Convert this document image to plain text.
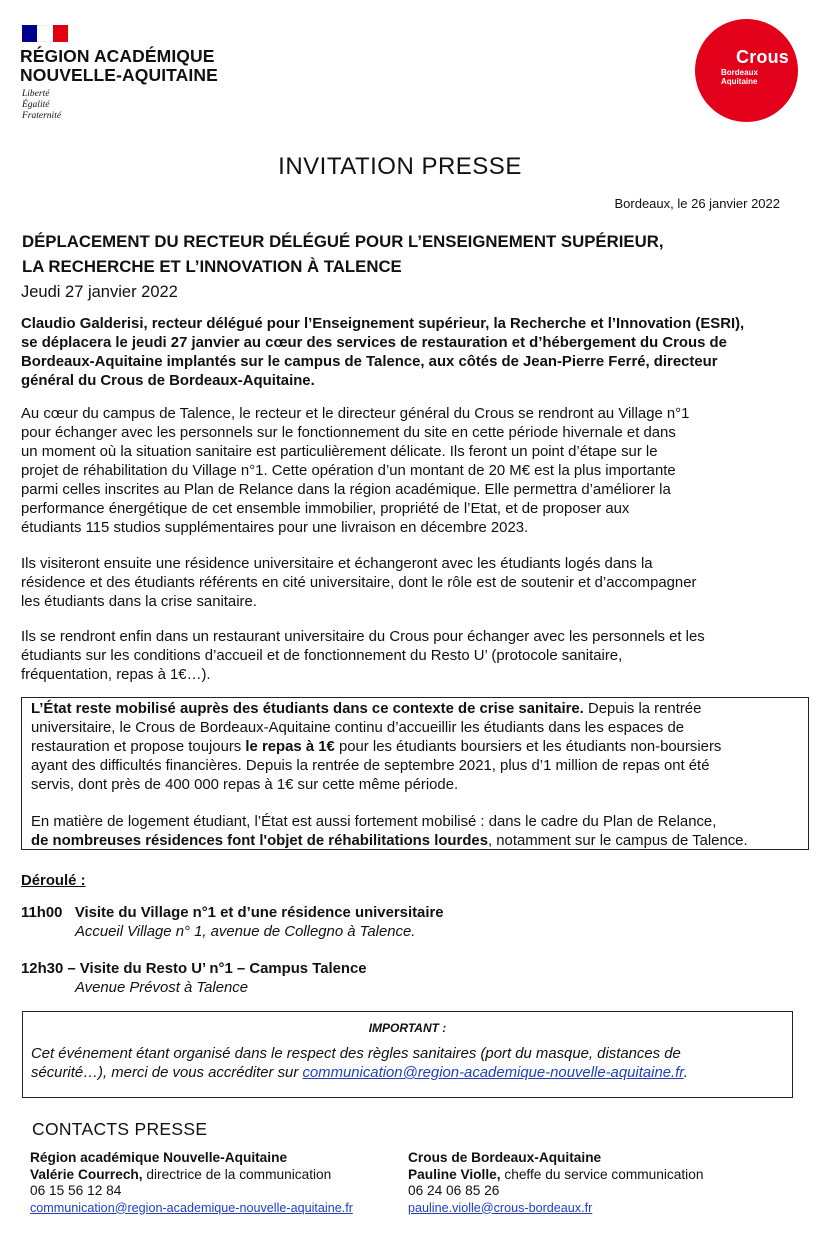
RÉGION ACADÉMIQUE
NOUVELLE-AQUITAINE
Liberté
Égalité
Fraternité
Crous
Bordeaux
Aquitaine
INVITATION PRESSE
Bordeaux, le 26 janvier 2022
DÉPLACEMENT DU RECTEUR DÉLÉGUÉ POUR L’ENSEIGNEMENT SUPÉRIEUR,
LA RECHERCHE ET L’INNOVATION À TALENCE
Jeudi 27 janvier 2022
Claudio Galderisi, recteur délégué pour l’Enseignement supérieur, la Recherche et l’Innovation (ESRI),
se déplacera le jeudi 27 janvier au cœur des services de restauration et d’hébergement du Crous de
Bordeaux-Aquitaine implantés sur le campus de Talence, aux côtés de Jean-Pierre Ferré, directeur
général du Crous de Bordeaux-Aquitaine.
Au cœur du campus de Talence, le recteur et le directeur général du Crous se rendront au Village n°1
pour échanger avec les personnels sur le fonctionnement du site en cette période hivernale et dans
un moment où la situation sanitaire est particulièrement délicate. Ils feront un point d’étape sur le
projet de réhabilitation du Village n°1. Cette opération d’un montant de 20 M€ est la plus importante
parmi celles inscrites au Plan de Relance dans la région académique. Elle permettra d’améliorer la
performance énergétique de cet ensemble immobilier, propriété de l’Etat, et de proposer aux
étudiants 115 studios supplémentaires pour une livraison en décembre 2023.
Ils visiteront ensuite une résidence universitaire et échangeront avec les étudiants logés dans la
résidence et des étudiants référents en cité universitaire, dont le rôle est de soutenir et d’accompagner
les étudiants dans la crise sanitaire.
Ils se rendront enfin dans un restaurant universitaire du Crous pour échanger avec les personnels et les
étudiants sur les conditions d’accueil et de fonctionnement du Resto U’ (protocole sanitaire,
fréquentation, repas à 1€…).
L’État reste mobilisé auprès des étudiants dans ce contexte de crise sanitaire. Depuis la rentrée
universitaire, le Crous de Bordeaux-Aquitaine continu d’accueillir les étudiants dans les espaces de
restauration et propose toujours le repas à 1€ pour les étudiants boursiers et les étudiants non-boursiers
ayant des difficultés financières. Depuis la rentrée de septembre 2021, plus d’1 million de repas ont été
servis, dont près de 400 000 repas à 1€ sur cette même période.
En matière de logement étudiant, l’État est aussi fortement mobilisé : dans le cadre du Plan de Relance,
de nombreuses résidences font l'objet de réhabilitations lourdes, notamment sur le campus de Talence.
Déroulé :
11h00 Visite du Village n°1 et d’une résidence universitaire
Accueil Village n° 1, avenue de Collegno à Talence.
12h30 – Visite du Resto U’ n°1 – Campus Talence
Avenue Prévost à Talence
IMPORTANT :
Cet événement étant organisé dans le respect des règles sanitaires (port du masque, distances de
sécurité…), merci de vous accréditer sur communication@region-academique-nouvelle-aquitaine.fr.
CONTACTS PRESSE
Région académique Nouvelle-Aquitaine
Valérie Courrech, directrice de la communication
06 15 56 12 84
communication@region-academique-nouvelle-aquitaine.fr
Crous de Bordeaux-Aquitaine
Pauline Violle, cheffe du service communication
06 24 06 85 26
pauline.violle@crous-bordeaux.fr
